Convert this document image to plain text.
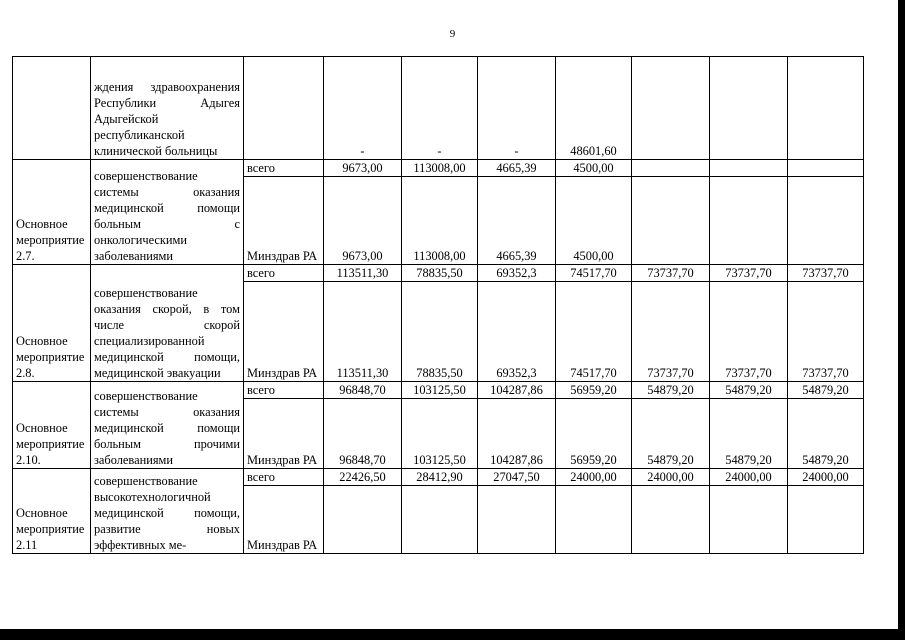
9

	ждения здравоохранения Республики Адыгея Адыгейской республиканской клинической больницы		-	-	-	48601,60			
Основное мероприятие 2.7.	совершенствование системы оказания медицинской помощи больным с онкологическими заболеваниями	всего	9673,00	113008,00	4665,39	4500,00			
		Минздрав РА	9673,00	113008,00	4665,39	4500,00			
Основное мероприятие 2.8.	совершенствование оказания скорой, в том числе скорой специализированной медицинской помощи, медицинской эвакуации	всего	113511,30	78835,50	69352,3	74517,70	73737,70	73737,70	73737,70
		Минздрав РА	113511,30	78835,50	69352,3	74517,70	73737,70	73737,70	73737,70
Основное мероприятие 2.10.	совершенствование системы оказания медицинской помощи больным прочими заболеваниями	всего	96848,70	103125,50	104287,86	56959,20	54879,20	54879,20	54879,20
		Минздрав РА	96848,70	103125,50	104287,86	56959,20	54879,20	54879,20	54879,20
Основное мероприятие 2.11	совершенствование высокотехнологичной медицинской помощи, развитие новых эффективных ме-	всего	22426,50	28412,90	27047,50	24000,00	24000,00	24000,00	24000,00
		Минздрав РА							
